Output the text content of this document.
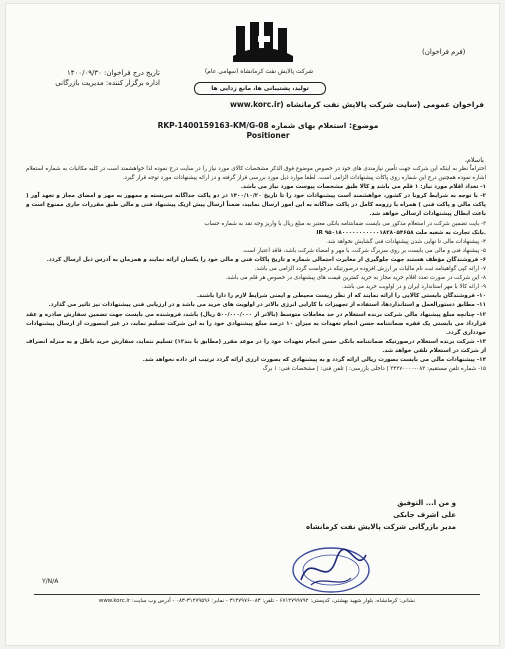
(فرم فراخوان)
شرکت پالایش نفت کرمانشاه (سهامی عام)
تولید، پشتیبانی ها، مانع زدایی ها
تاریخ درج فراخوان: ۱۴۰۰/۰۹/۳۰
اداره برگزار کننده: مدیریت بازرگانی
فراخوان عمومی (سایت شرکت پالایش نفت کرمانشاه (www.korc.ir
موضوع: استعلام بهای شماره RKP-1400159163-KM/G-08
Positioner
باسلام،

احتراماً نظر به اینکه این شرکت جهت تأمین نیازمندی های خود در خصوص موضوع فوق الذکر مشخصات کالای مورد نیاز را در سایت درج نموده لذا خواهشمند است در کلیه مکاتبات به شماره استعلام اشاره نموده همچنین درج این شماره روی پاکات پیشنهادات الزامی است. لطفا موارد ذیل مورد بررسی قرار گرفته و در ارائه پیشنهادات مورد توجه قرار گیرد.

۱- تعداد اقلام مورد نیاز: ۱ قلم می باشد و کالا طبق مشخصات پیوست مورد نیاز می باشد.

۲- با توجه به شرایط کرونا در کشور، خواهشمند است پیشنهادات خود را تا تاریخ ۱۴۰۰/۱۰/۲۰ در دو پاکت جداگانه سربسته و ممهور به مهر و امضای مجاز و تعهد آور ( پاکت مالی و پاکت فنی ) همراه با رزومه کامل در پاکت جداگانه به این امور ارسال نمایید، ضمناً ارسال پیش ازیک پیشنهاد فنی و مالی طبق مقررات جاری ممنوع است و باعث ابطال پیشنهادات ارسالی خواهد شد.

۳- بایت تضمین شرکت در استعلام مذکور می بایست ضمانتنامه بانکی معتبر به مبلغ ریال با واریز وجه نقد به شماره حساب

IR ۹۵۰۱۸۰۰۰۰۰۰۰۰۰۰۰۱۸۲۸۰۵۴۶۵۸ بانک تجارت به شعبه ملت.

۴- پیشنهادات مالی تا نهایی شدن پیشنهادات فنی گشایش نخواهد شد.

۵- پیشنهاد فنی و مالی می بایست بر روی سربرگ شرکت، با مهر و امضاء شرکت باشد، فاقد اعتبار است.

۶- فروشندگان مؤظف هستند جهت جلوگیری از مغایرت احتمالی شماره و تاریخ پاکات فنی و مالی خود را یکسان ارائه نمایند و همزمان به آدرس ذیل ارسال کردد.

۷- ارائه کپی گواهینامه ثبت نام مالیات بر ارزش افزوده درصورتیکه درخواست گردد الزامی می باشد.

۸- این شرکت در صورت تعدد اقلام خرید مجاز به خرید کمترین قیمت های پیشنهادی در خصوص هر قلم می باشد.

۹- ارائه کالا با مهر استاندارد ایران و در اولویت خرید می باشد.

۱۰- فروشندگان بایستی کالایی را ارائه نمایند که از نظر زیست محیطی و ایمنی شرایط لازم را دارا باشند.

۱۱- مطابق دستورالعمل و استانداردها، استفاده از تجهیزات با کارایی انرژی بالاتر در اولویت های خرید می باشد و در ارزیابی فنی پیشنهادات نیز تاثیر می گذارد.

۱۲- چنانچه مبلغ پیشنهاد مالی شرکت برنده استعلام در حد معاملات متوسط (بالاتر از ۵۰۰/۰۰۰/۰۰۰ ریال) باشد، فروشنده می بایست جهت تضمین سفارش صادره و عقد قرارداد می بایستی یک فقره ضمانتنامه حسن انجام تعهدات به میزان ۱۰ درصد مبلغ پیشنهادی خود را به این شرکت تسلیم نماید، در غیر اینصورت از ارسال پیشنهادات خودداری گردد.

۱۳- شرکت برنده استعلام درصورتیکه ضمانتنامه بانکی حسن انجام تعهدات خود را در موعد مقرر (مطابق با بند۱۲) تسلیم ننماید، سفارش خرید باطل و به منزله انصراف از شرکت در استعلام تلقی خواهد شد.

۱۴- پیشنهادات مالی می بایست بصورت ریالی ارائه گردد و به پیشنهادی که بصورت ارزی ارائه گردد ترتیب اثر داده نخواهد شد.

۱۵- شماره تلفن مستقیم: ۰۸۳-۳۴۲۷۰۰۰۰ | داخلی بازرسی: | تلفن فنی: | مشخصات فنی: ۱ برگ

و من ا... التوفیق
علی اشرف جابکی
مدیر بازرگانی شرکت پالایش نفت کرمانشاه
Y/N/A
نشانی: کرمانشاه، بلوار شهید بهشتی، کدپستی: ۶۷۱۴۷۹۹۷۹۲ - تلفن: ۰۸۳-۳۱۴۷۹۷۶ - نمابر: ۳۱۴۷۹۵۹۶-۰۸۳ - آدرس وب سایت: www.korc.ir
